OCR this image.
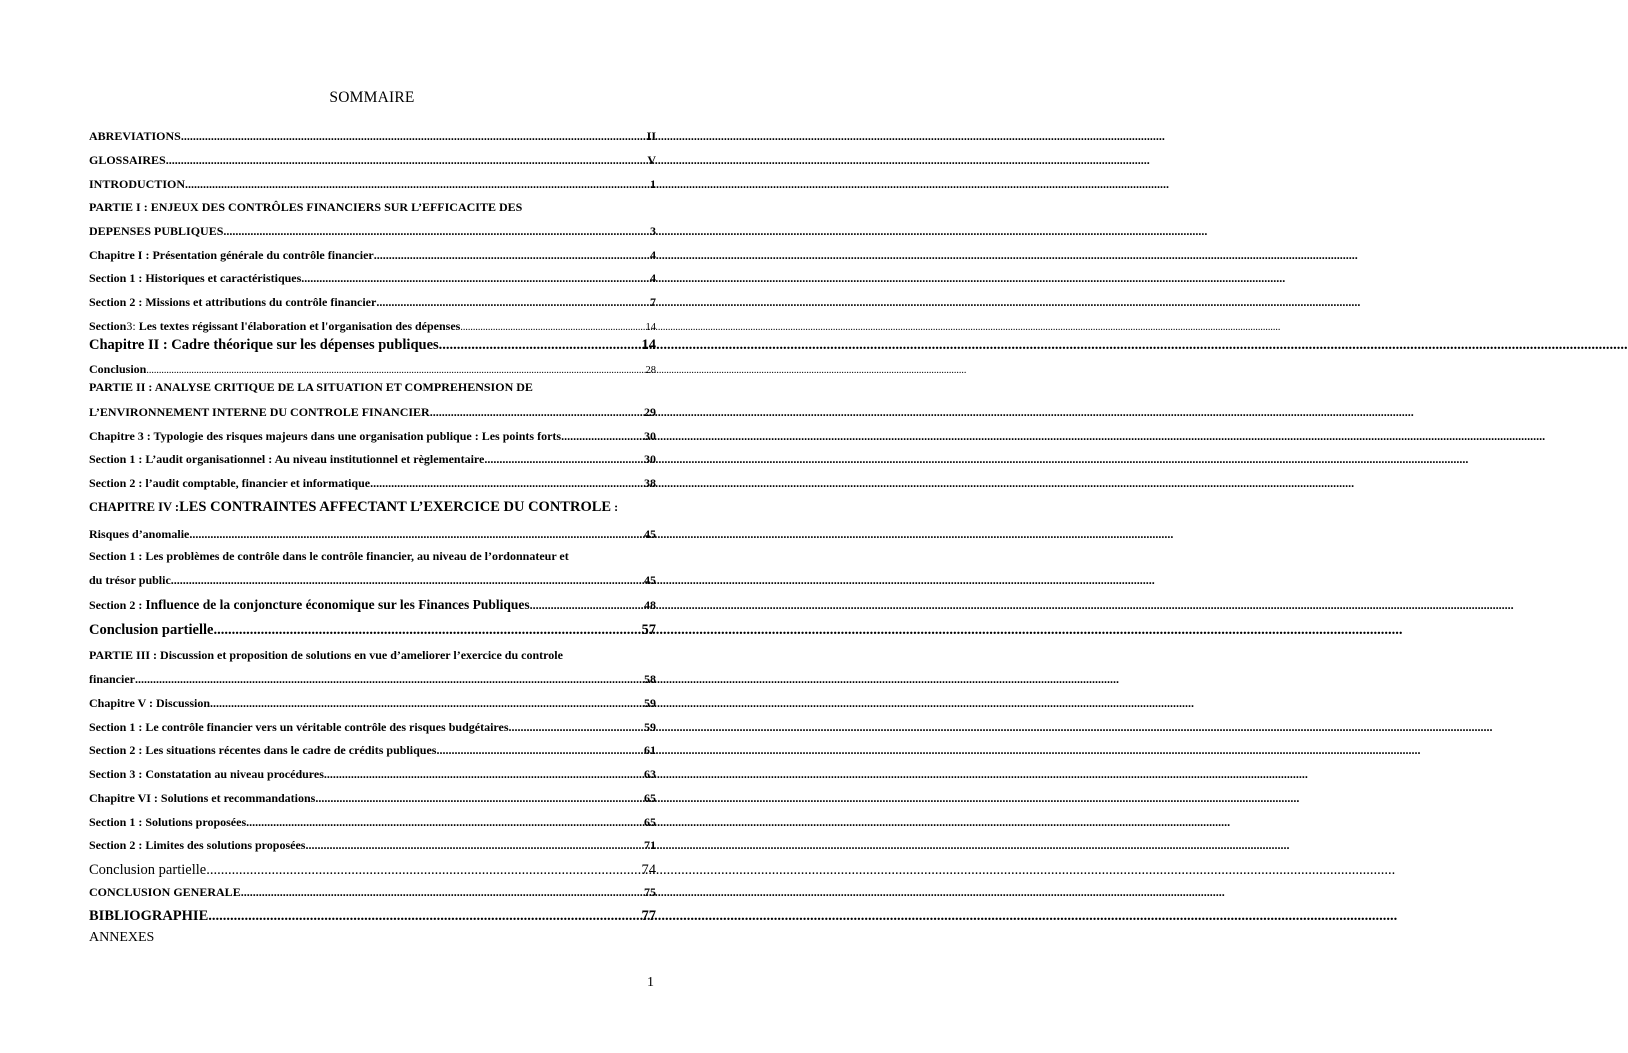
SOMMAIRE
ABREVIATIONS .....	II
GLOSSAIRES .....	V
INTRODUCTION .....	1
PARTIE I : ENJEUX DES CONTRÔLES FINANCIERS SUR L’EFFICACITE DES
DEPENSES PUBLIQUES .....	3
Chapitre I : Présentation générale du contrôle financier .....	4
Section 1 : Historiques et caractéristiques .....	4
Section 2 : Missions et attributions du contrôle financier .....	7
Section3: Les textes régissant l'élaboration et l'organisation des dépenses .....	14
Chapitre II : Cadre théorique sur les dépenses publiques .....	14
Conclusion .....	28
PARTIE II : ANALYSE CRITIQUE DE LA SITUATION ET COMPREHENSION DE
L’ENVIRONNEMENT INTERNE DU CONTROLE FINANCIER .....	29
Chapitre 3 : Typologie des risques majeurs dans une organisation publique : Les points forts .....	30
Section 1 : L’audit organisationnel : Au niveau institutionnel et règlementaire .....	30
Section 2 : l’audit comptable, financier et informatique .....	38
CHAPITRE IV :LES CONTRAINTES AFFECTANT L’EXERCICE DU CONTROLE :
Risques d’anomalie .....	45
Section 1 : Les problèmes de contrôle dans le contrôle financier, au niveau de l’ordonnateur et
du trésor public .....	45
Section 2 : Influence de la conjoncture économique sur les Finances Publiques .....	48
Conclusion partielle .....	57
PARTIE III : Discussion et proposition de solutions en vue d’ameliorer l’exercice du controle
financier .....	58
Chapitre V : Discussion .....	59
Section 1 : Le contrôle financier vers un véritable contrôle des risques budgétaires .....	59
Section 2 : Les situations récentes dans le cadre de crédits publiques .....	61
Section 3 : Constatation au niveau procédures .....	63
Chapitre VI : Solutions et recommandations .....	65
Section 1 : Solutions proposées .....	65
Section 2 : Limites des solutions proposées .....	71
Conclusion partielle .....	74
CONCLUSION GENERALE .....	75
BIBLIOGRAPHIE .....	77
ANNEXES
1
